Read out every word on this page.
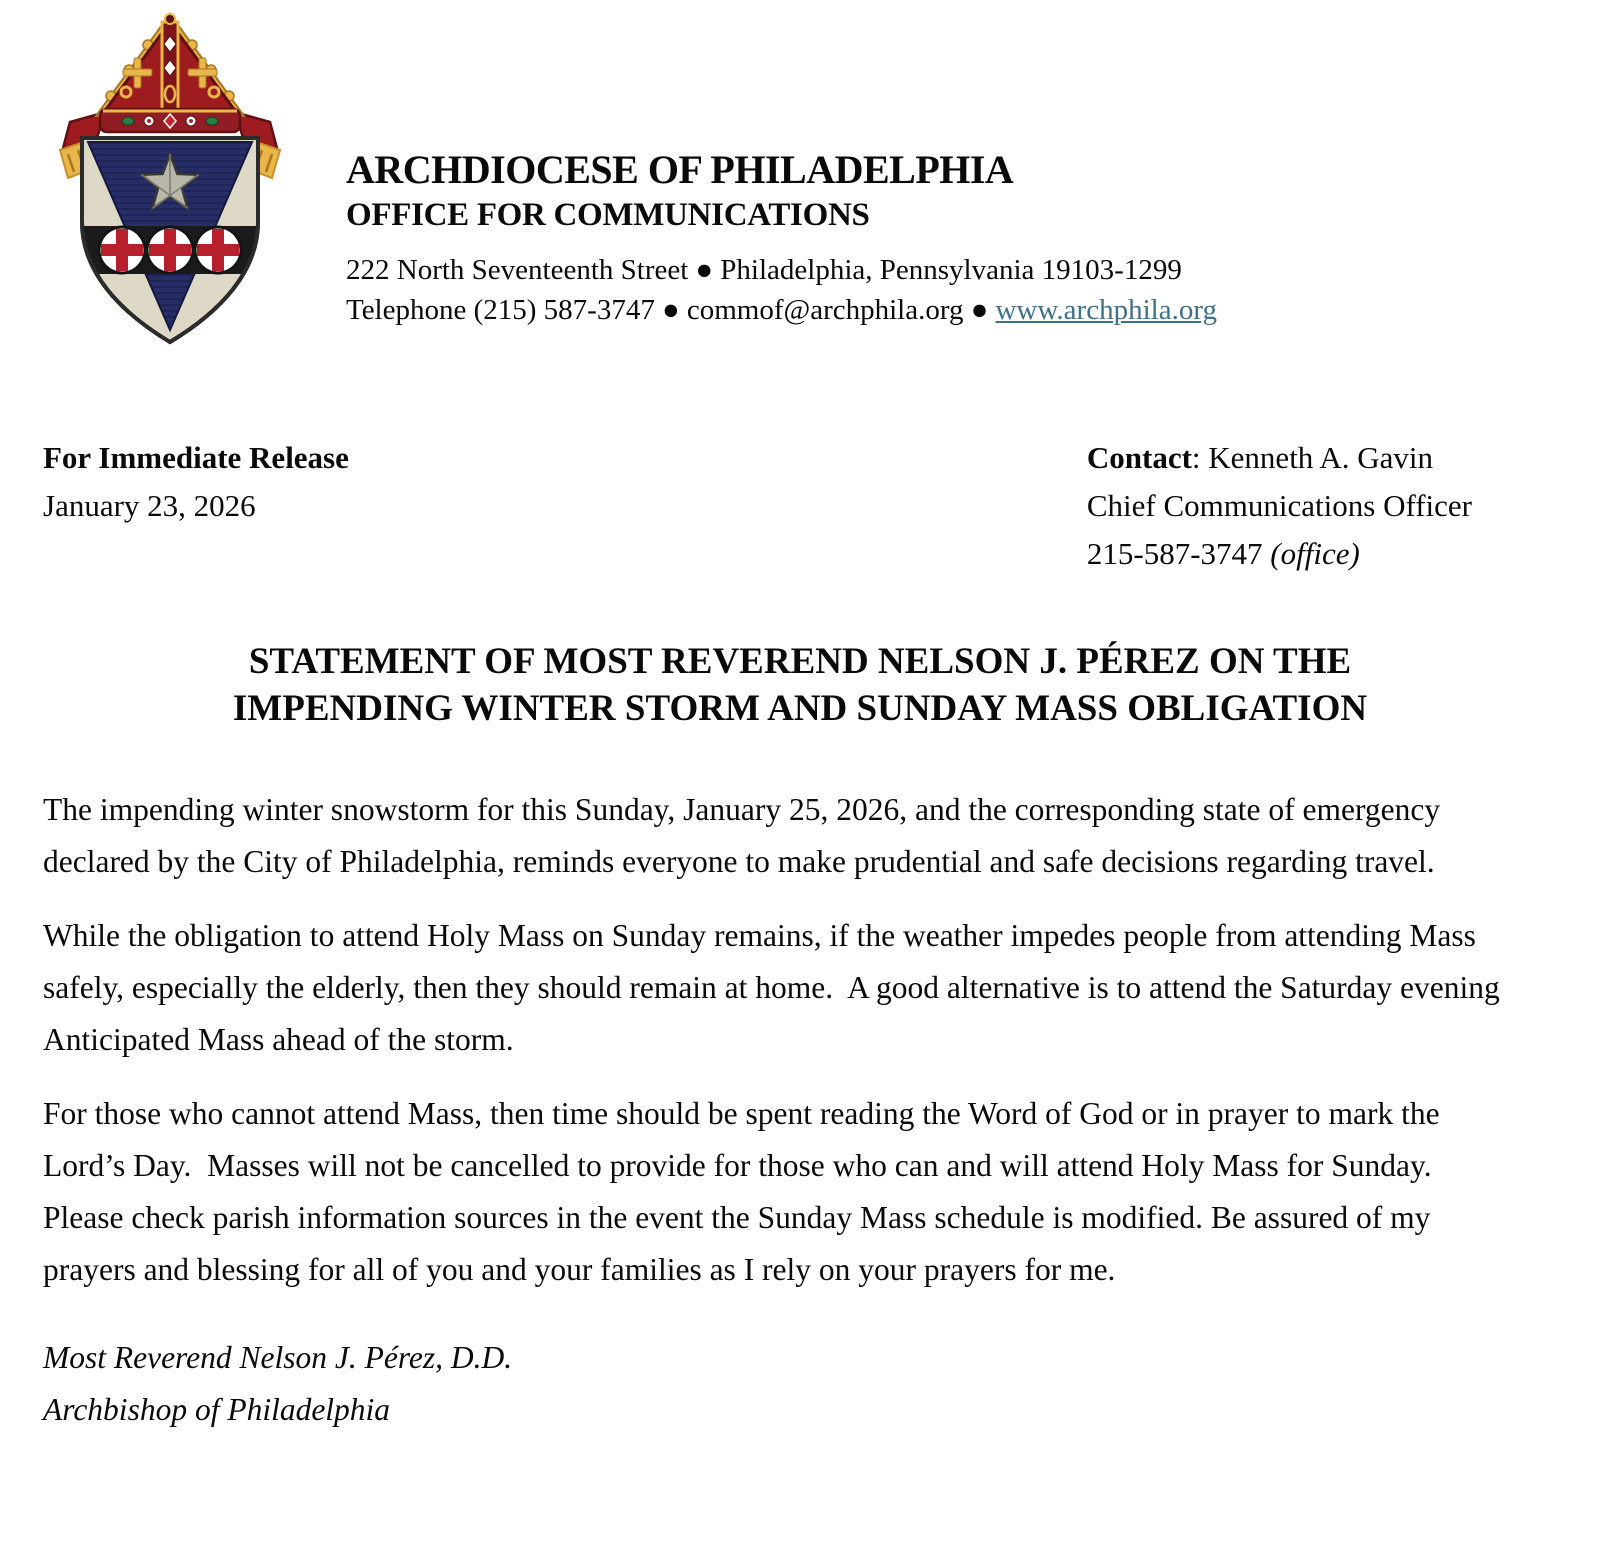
ARCHDIOCESE OF PHILADELPHIA
OFFICE FOR COMMUNICATIONS
222 North Seventeenth Street ● Philadelphia, Pennsylvania 19103-1299
Telephone (215) 587-3747 ● commof@archphila.org ● www.archphila.org
For Immediate Release
January 23, 2026
Contact: Kenneth A. Gavin
Chief Communications Officer
215-587-3747 (office)
STATEMENT OF MOST REVEREND NELSON J. PÉREZ ON THE
IMPENDING WINTER STORM AND SUNDAY MASS OBLIGATION

The impending winter snowstorm for this Sunday, January 25, 2026, and the corresponding state of emergency declared by the City of Philadelphia, reminds everyone to make prudential and safe decisions regarding travel.

While the obligation to attend Holy Mass on Sunday remains, if the weather impedes people from attending Mass safely, especially the elderly, then they should remain at home.  A good alternative is to attend the Saturday evening Anticipated Mass ahead of the storm.

For those who cannot attend Mass, then time should be spent reading the Word of God or in prayer to mark the Lord’s Day.  Masses will not be cancelled to provide for those who can and will attend Holy Mass for Sunday.    Please check parish information sources in the event the Sunday Mass schedule is modified. Be assured of my prayers and blessing for all of you and your families as I rely on your prayers for me.

Most Reverend Nelson J. Pérez, D.D.
Archbishop of Philadelphia
